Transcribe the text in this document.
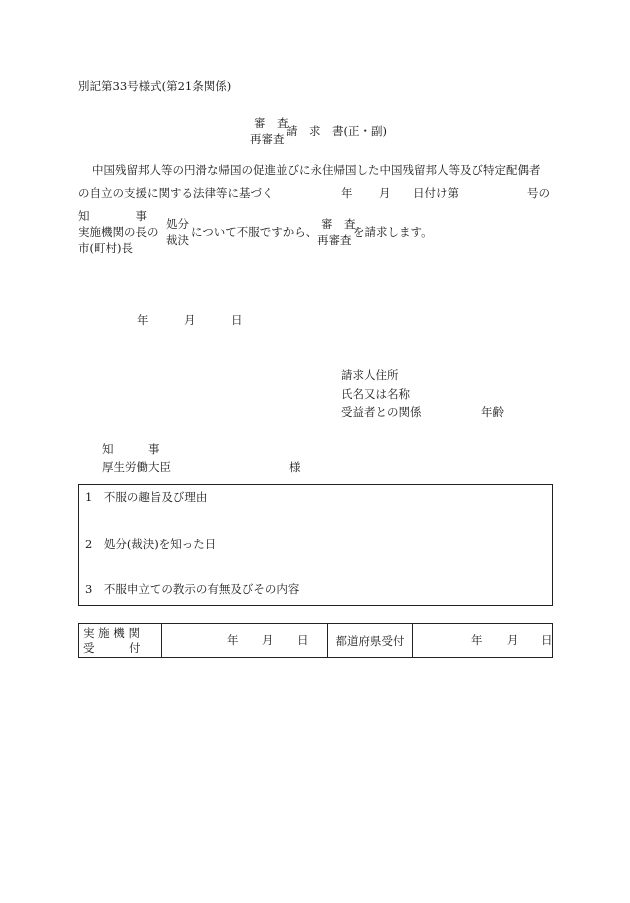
別記第33号様式(第21条関係)
審　査
再審査
請　求　書(正・副)
中国残留邦人等の円滑な帰国の促進並びに永住帰国した中国残留邦人等及び特定配偶者
の自立の支援に関する法律等に基づく	年 月 日付け第	号の
知　　　　事
実施機関の長の
市(町村)長
処分
裁決
について不服ですから、
審　査
再審査
を請求します。
年	月	日
請求人住所
氏名又は名称
受益者との関係	年齢
知　　　事
厚生労働大臣	様
1　不服の趣旨及び理由
2　処分(裁決)を知った日
3　不服申立ての教示の有無及びその内容
実 施 機 関
受　　　付

年 月 日	都道府県受付	年 月 日
